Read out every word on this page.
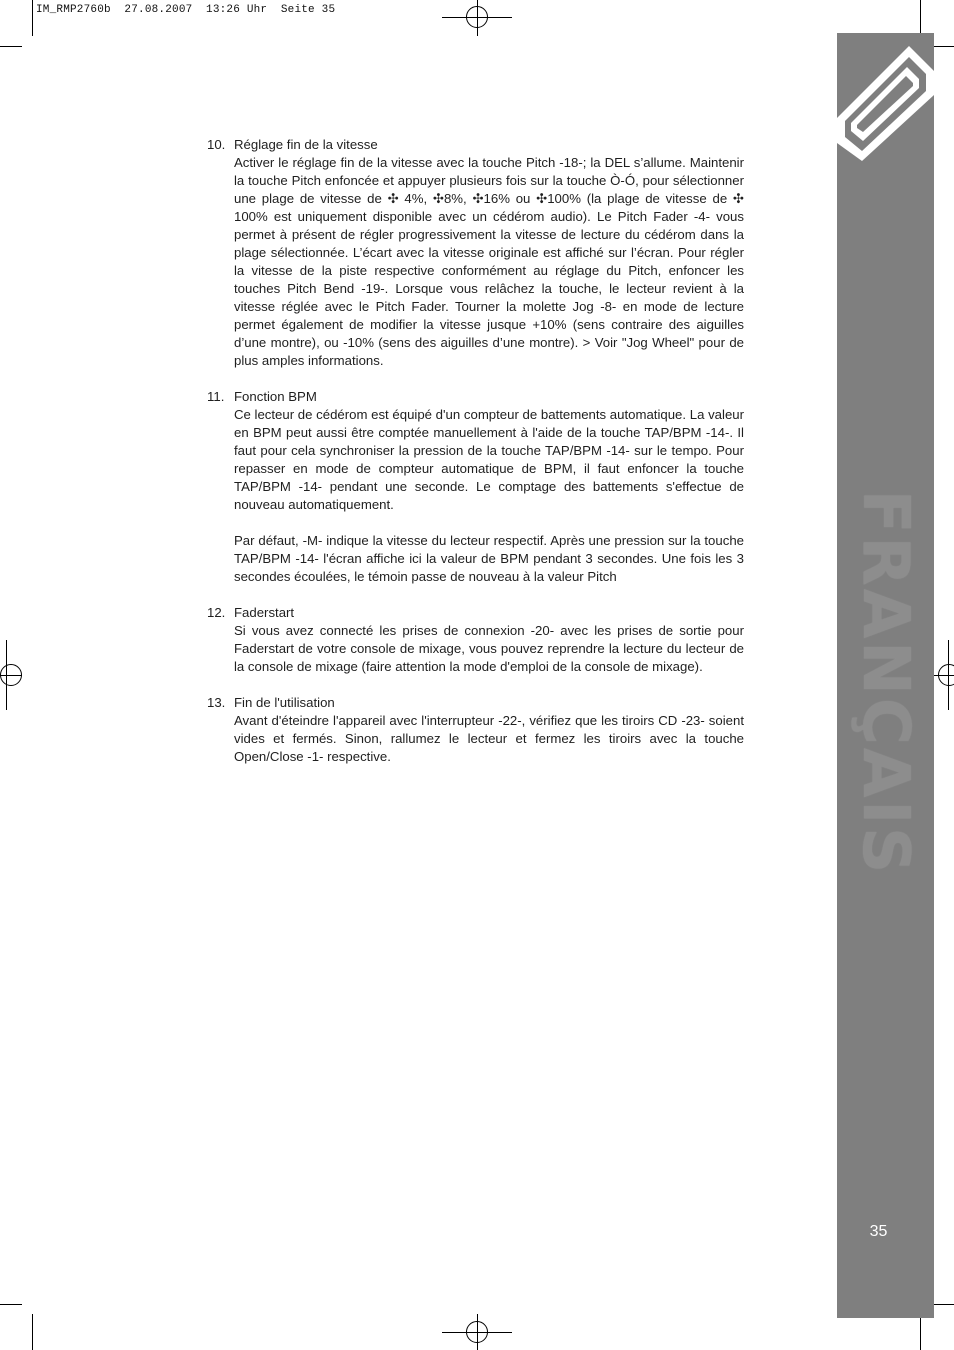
IM_RMP2760b  27.08.2007  13:26 Uhr  Seite 35
FRANÇAIS
35
10. Réglage fin de la vitesse

Activer le réglage fin de la vitesse avec la touche Pitch -18-; la DEL s’allume. Maintenir la touche Pitch enfoncée et appuyer plusieurs fois sur la touche Ò-Ó, pour sélectionner une plage de vitesse de ✣ 4%, ✣8%, ✣16% ou ✣100% (la plage de vitesse de ✣ 100% est uniquement disponible avec un cédérom audio). Le Pitch Fader -4- vous permet à présent de régler progressivement la vitesse de lecture du cédérom dans la plage sélectionnée. L’écart avec la vitesse originale est affiché sur l’écran. Pour régler la vitesse de la piste respective conformément au réglage du Pitch, enfoncer les touches Pitch Bend -19-. Lorsque vous relâchez la touche, le lecteur revient à la vitesse réglée avec le Pitch Fader. Tourner la molette Jog -8- en mode de lecture permet également de modifier la vitesse jusque +10% (sens contraire des aiguilles d’une montre), ou -10% (sens des aiguilles d’une montre). > Voir "Jog Wheel" pour de plus amples informations.

11. Fonction BPM

Ce lecteur de cédérom est équipé d'un compteur de battements automatique. La valeur en BPM peut aussi être comptée manuellement à l'aide de la touche TAP/BPM -14-. Il faut pour cela synchroniser la pression de la touche TAP/BPM -14- sur le tempo. Pour repasser en mode de compteur automatique de BPM, il faut enfoncer la touche TAP/BPM -14- pendant une seconde. Le comptage des battements s'effectue de nouveau automatiquement.

Par défaut, -M- indique la vitesse du lecteur respectif. Après une pression sur la touche TAP/BPM -14- l'écran affiche ici la valeur de BPM pendant 3 secondes. Une fois les 3 secondes écoulées, le témoin passe de nouveau à la valeur Pitch

12. Faderstart

Si vous avez connecté les prises de connexion -20- avec les prises de sortie pour Faderstart de votre console de mixage, vous pouvez reprendre la lecture du lecteur de la console de mixage (faire attention la mode d'emploi de la console de mixage).

13. Fin de l'utilisation

Avant d'éteindre l'appareil avec l'interrupteur -22-, vérifiez que les tiroirs CD -23- soient vides et fermés. Sinon, rallumez le lecteur et fermez les tiroirs avec la touche Open/Close -1- respective.
